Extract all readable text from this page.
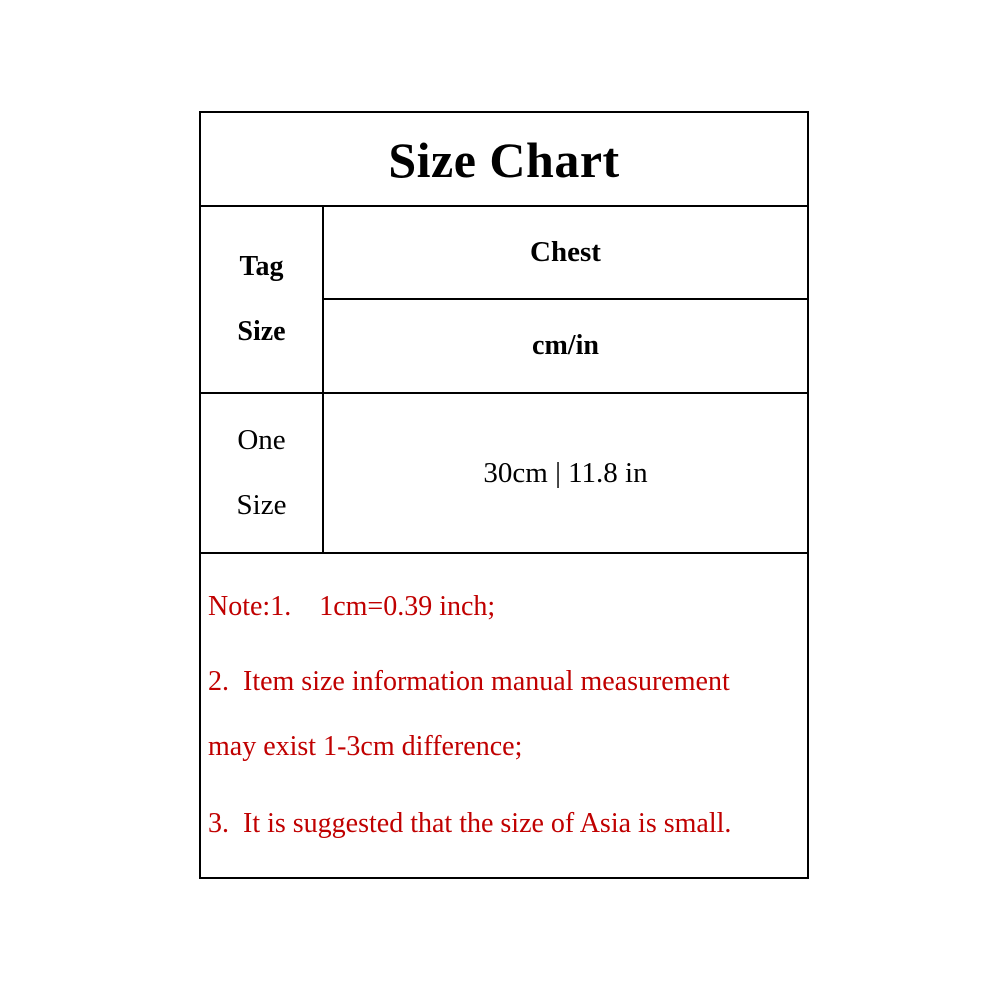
Size Chart
Tag
Size
Chest
cm/in
One
Size
30cm | 11.8 in
Note:1.    1cm=0.39 inch;
2.  Item size information manual measurement
may exist 1-3cm difference;
3.  It is suggested that the size of Asia is small.
